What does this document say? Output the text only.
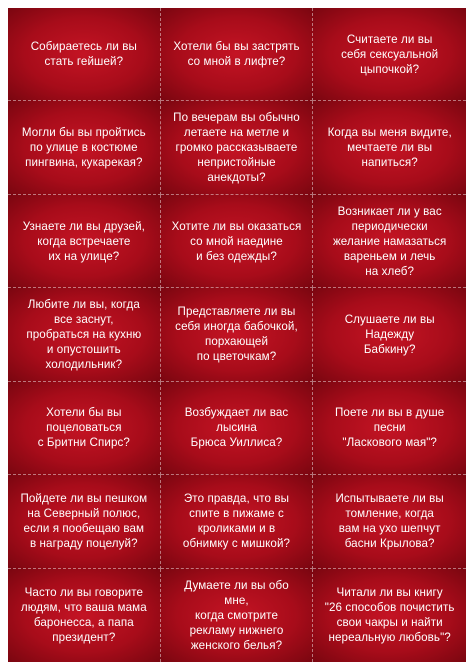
Собираетесь ли вы
стать гейшей?
Хотели бы вы застрять
со мной в лифте?
Считаете ли вы
себя сексуальной
цыпочкой?
Могли бы вы пройтись
по улице в костюме
пингвина, кукарекая?
По вечерам вы обычно
летаете на метле и
громко рассказываете
непристойные
анекдоты?
Когда вы меня видите,
мечтаете ли вы
напиться?
Узнаете ли вы друзей,
когда встречаете
их на улице?
Хотите ли вы оказаться
со мной наедине
и без одежды?
Возникает ли у вас
периодически
желание намазаться
вареньем и лечь
на хлеб?
Любите ли вы, когда
все заснут,
пробраться на кухню
и опустошить
холодильник?
Представляете ли вы
себя иногда бабочкой,
порхающей
по цветочкам?
Слушаете ли вы
Надежду
Бабкину?
Хотели бы вы
поцеловаться
с Бритни Спирс?
Возбуждает ли вас
лысина
Брюса Уиллиса?
Поете ли вы в душе
песни
"Ласкового мая"?
Пойдете ли вы пешком
на Северный полюс,
если я пообещаю вам
в награду поцелуй?
Это правда, что вы
спите в пижаме с
кроликами и в
обнимку с мишкой?
Испытываете ли вы
томление, когда
вам на ухо шепчут
басни Крылова?
Часто ли вы говорите
людям, что ваша мама
баронесса, а папа
президент?
Думаете ли вы обо мне,
когда смотрите
рекламу нижнего
женского белья?
Читали ли вы книгу
"26 способов почистить
свои чакры и найти
нереальную любовь"?
